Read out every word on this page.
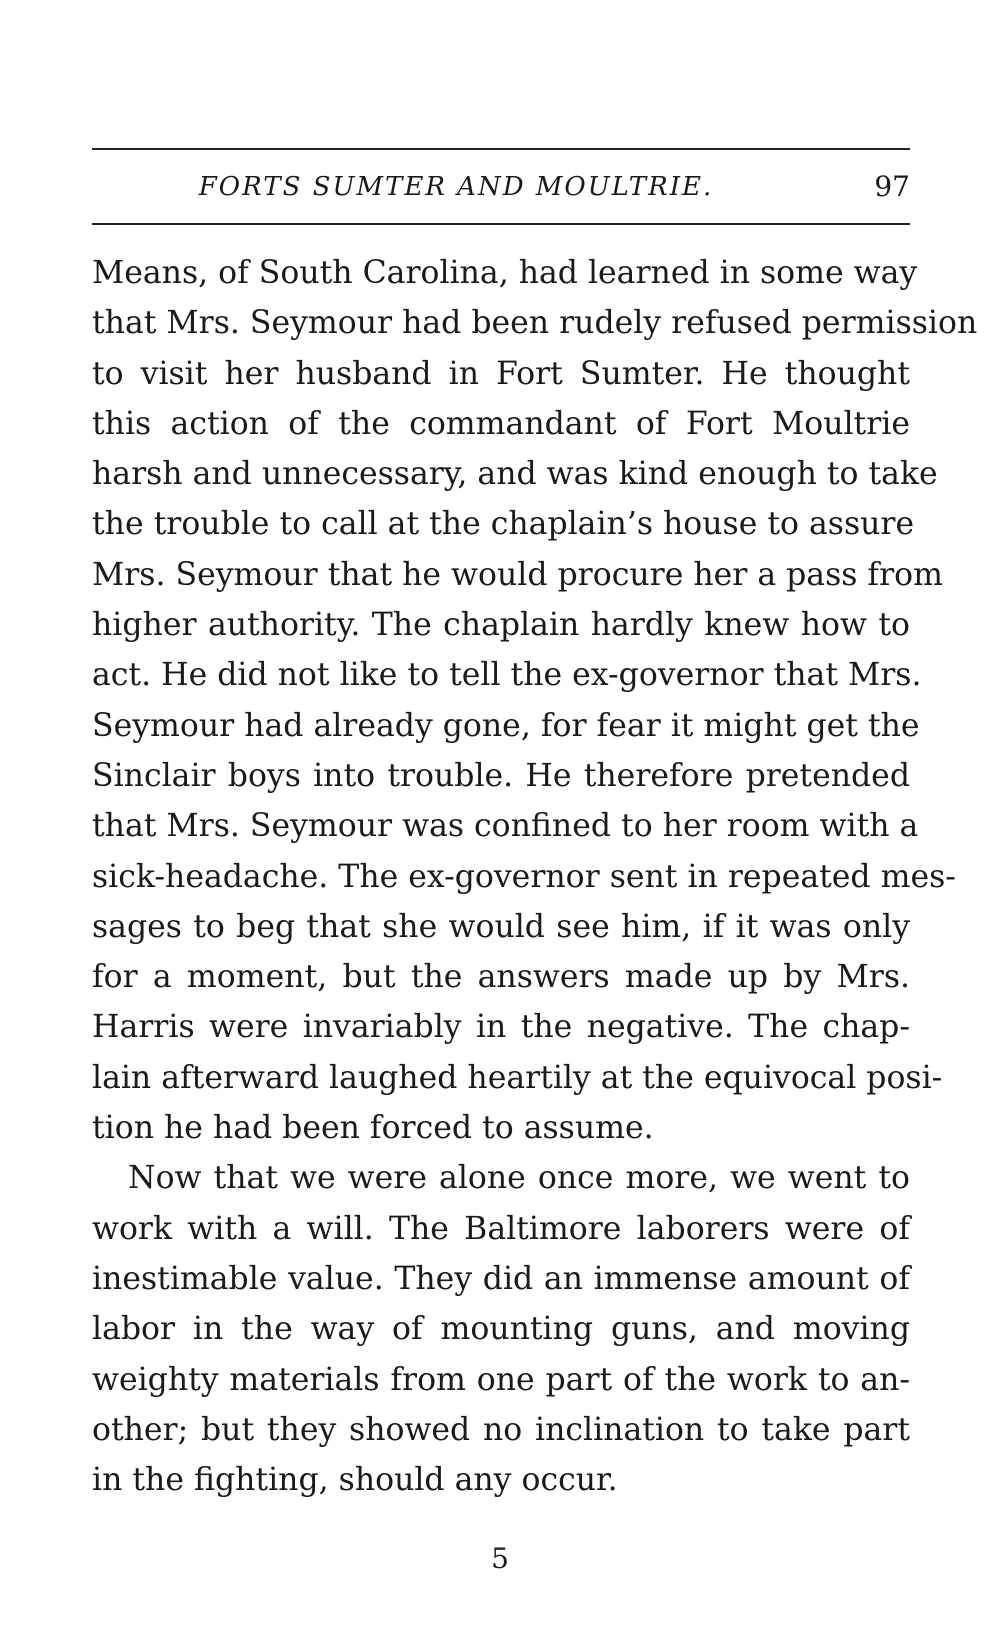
FORTS SUMTER AND MOULTRIE.	97
Means, of South Carolina, had learned in some way
that Mrs. Seymour had been rudely refused permission
to visit her husband in Fort Sumter. He thought
this action of the commandant of Fort Moultrie
harsh and unnecessary, and was kind enough to take
the trouble to call at the chaplain’s house to assure
Mrs. Seymour that he would procure her a pass from
higher authority. The chaplain hardly knew how to
act. He did not like to tell the ex-governor that Mrs.
Seymour had already gone, for fear it might get the
Sinclair boys into trouble. He therefore pretended
that Mrs. Seymour was confined to her room with a
sick-headache. The ex-governor sent in repeated mes-
sages to beg that she would see him, if it was only
for a moment, but the answers made up by Mrs.
Harris were invariably in the negative. The chap-
lain afterward laughed heartily at the equivocal posi-
tion he had been forced to assume.
Now that we were alone once more, we went to
work with a will. The Baltimore laborers were of
inestimable value. They did an immense amount of
labor in the way of mounting guns, and moving
weighty materials from one part of the work to an-
other; but they showed no inclination to take part
in the fighting, should any occur.
5
